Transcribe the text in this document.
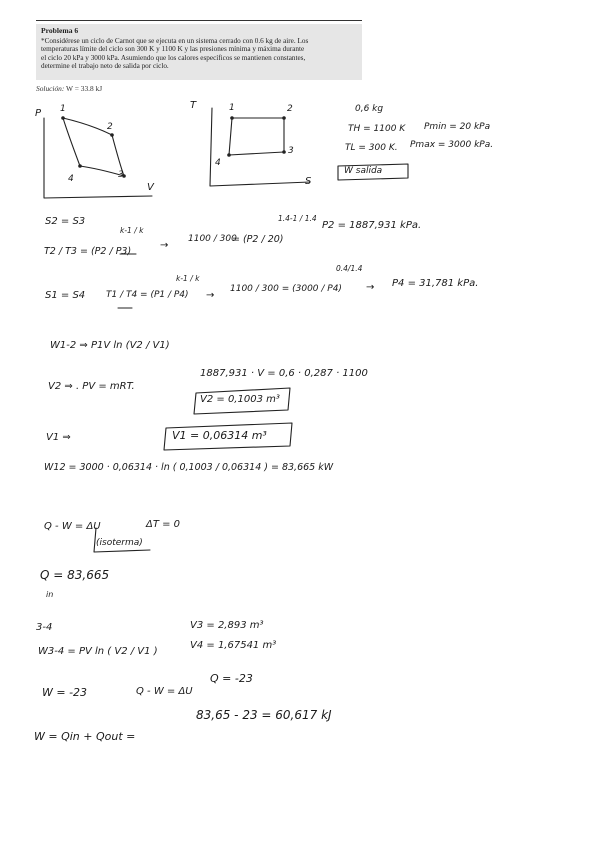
Problema 6
*Considérese un ciclo de Carnot que se ejecuta en un sistema cerrado con 0.6 kg de aire. Los
temperaturas límite del ciclo son 300 K y 1100 K y las presiones mínima y máxima durante
el ciclo 20 kPa y 3000 kPa. Asumiendo que los calores específicos se mantienen constantes,
determine el trabajo neto de salida por ciclo.
Solución: W = 33.8 kJ
P
V
1
2
3
4
T
S
1	2
3
4
0,6 kg
TH = 1100 K Pmin = 20 kPa
TL = 300 K. Pmax = 3000 kPa.
W salida
S2 = S3
T2 / T3 = (P2 / P3)
k-1 / k
→
1100 / 300
= (P2 / 20)
1.4-1 / 1.4
P2 = 1887,931 kPa.
S1 = S4 T1 / T4 = (P1 / P4)
k-1 / k
→
1100 / 300 = (3000 / P4)
0.4/1.4
→ P4 = 31,781 kPa.
W1-2 ⇒ P1V ln (V2 / V1)
V2 ⇒ . PV = mRT.
1887,931 · V = 0,6 · 0,287 · 1100
V2 = 0,1003 m³
V1 ⇒	V1 = 0,06314 m³
W12 = 3000 · 0,06314 · ln ( 0,1003 / 0,06314 ) = 83,665 kW
Q - W = ΔU	ΔT = 0
(isoterma)
Q = 83,665
in
3-4	V3 = 2,893 m³
W3-4 = PV ln ( V2 / V1 )
V4 = 1,67541 m³
W = -23	Q - W = ΔU
Q = -23
W = Qin + Qout =
83,65 - 23 = 60,617 kJ
